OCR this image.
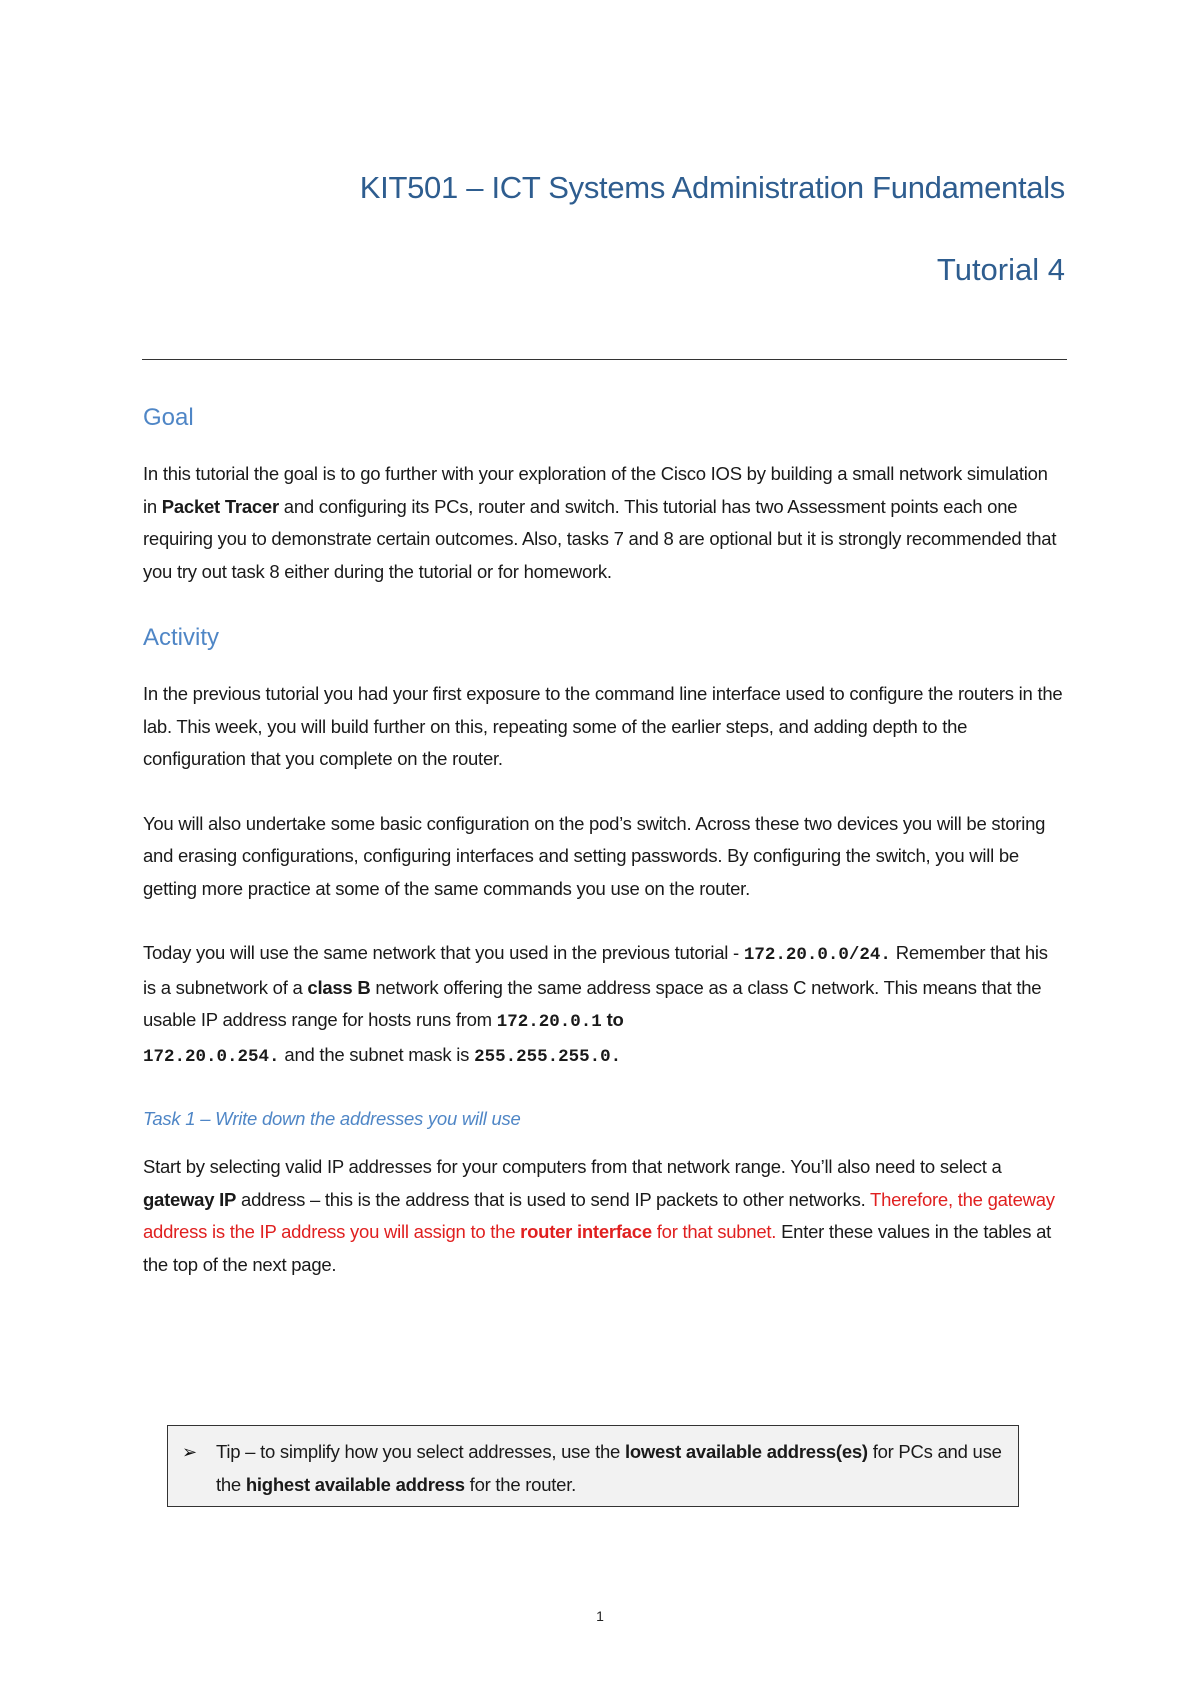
KIT501 – ICT Systems Administration Fundamentals
Tutorial 4
Goal

In this tutorial the goal is to go further with your exploration of the Cisco IOS by building a small network simulation in Packet Tracer and configuring its PCs, router and switch. This tutorial has two Assessment points each one requiring you to demonstrate certain outcomes. Also, tasks 7 and 8 are optional but it is strongly recommended that you try out task 8 either during the tutorial or for homework.

Activity

In the previous tutorial you had your first exposure to the command line interface used to configure the routers in the lab. This week, you will build further on this, repeating some of the earlier steps, and adding depth to the configuration that you complete on the router.

You will also undertake some basic configuration on the pod’s switch. Across these two devices you will be storing and erasing configurations, configuring interfaces and setting passwords. By configuring the switch, you will be getting more practice at some of the same commands you use on the router.

Today you will use the same network that you used in the previous tutorial - 172.20.0.0/24. Remember that his is a subnetwork of a class B network offering the same address space as a class C network. This means that the usable IP address range for hosts runs from 172.20.0.1 to
172.20.0.254. and the subnet mask is 255.255.255.0.

Task 1 – Write down the addresses you will use

Start by selecting valid IP addresses for your computers from that network range. You’ll also need to select a gateway IP address – this is the address that is used to send IP packets to other networks. Therefore, the gateway address is the IP address you will assign to the router interface for that subnet. Enter these values in the tables at the top of the next page.

➢	Tip – to simplify how you select addresses, use the lowest available address(es) for PCs and use the highest available address for the router.
1
